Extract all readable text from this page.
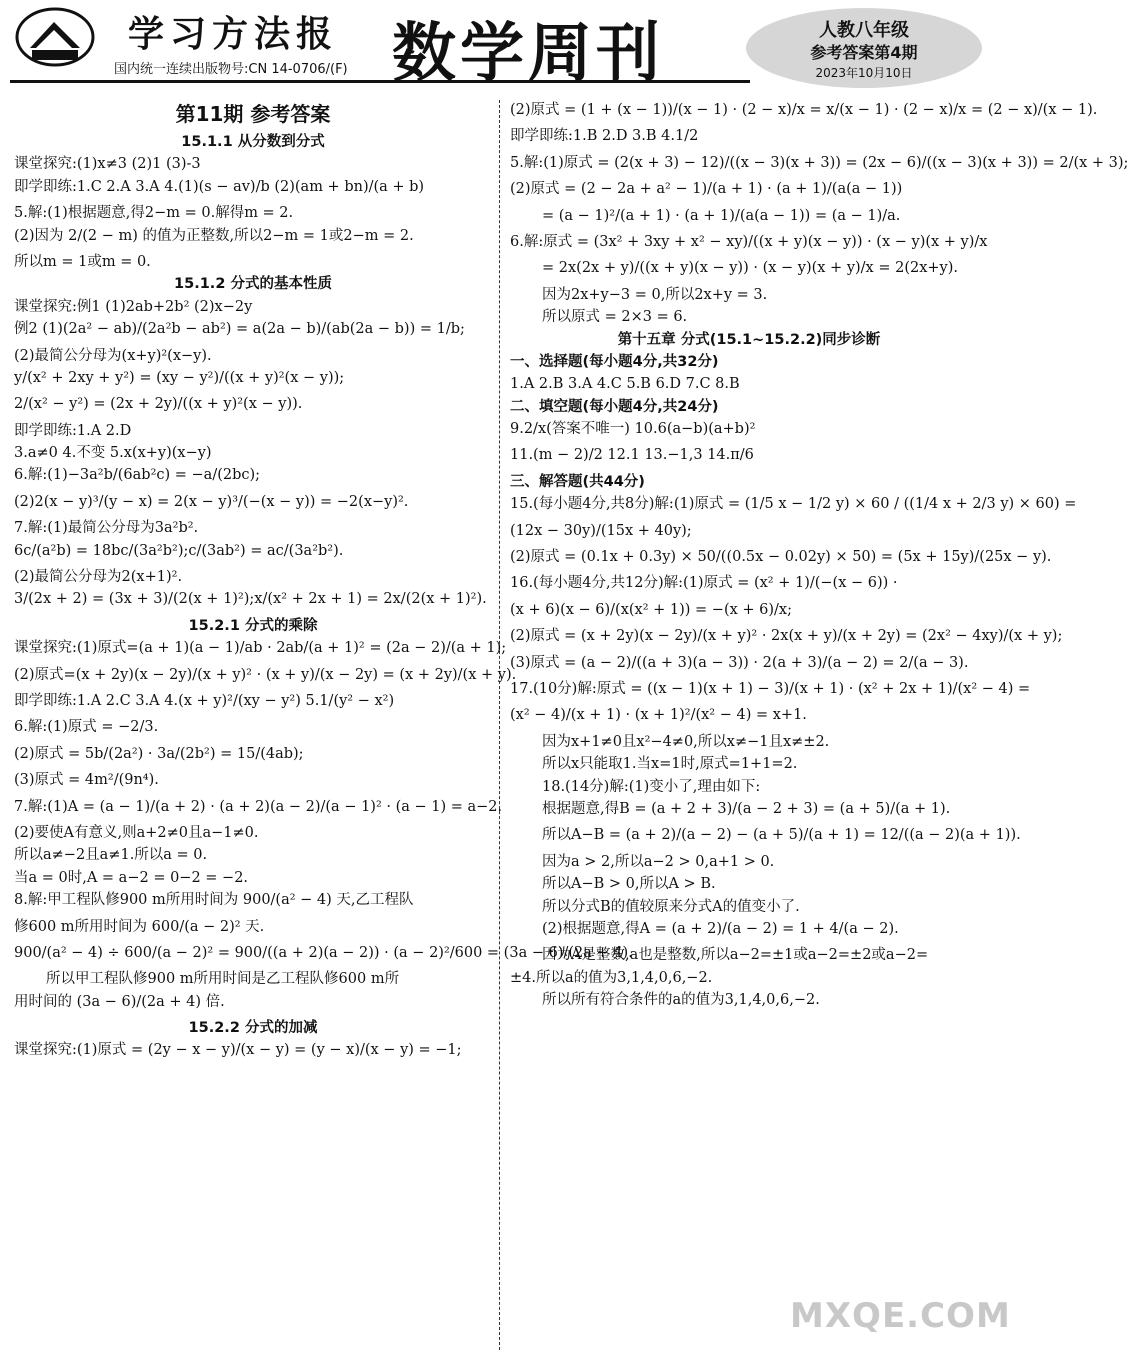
学习方法报
国内统一连续出版物号:CN 14-0706/(F) 数学周刊	人教八年级
参考答案第4期
2023年10月10日
第11期 参考答案
15.1.1 从分数到分式
课堂探究:(1)x≠3 (2)1 (3)-3
即学即练:1.C 2.A 3.A 4.(1)(s − av)/b (2)(am + bn)/(a + b)
5.解:(1)根据题意,得2−m = 0.解得m = 2.
(2)因为 2/(2 − m) 的值为正整数,所以2−m = 1或2−m = 2.
所以m = 1或m = 0.
15.1.2 分式的基本性质
课堂探究:例1 (1)2ab+2b² (2)x−2y
例2 (1)(2a² − ab)/(2a²b − ab²) = a(2a − b)/(ab(2a − b)) = 1/b;
(2)最简公分母为(x+y)²(x−y).
y/(x² + 2xy + y²) = (xy − y²)/((x + y)²(x − y));
2/(x² − y²) = (2x + 2y)/((x + y)²(x − y)).
即学即练:1.A 2.D
3.a≠0 4.不变 5.x(x+y)(x−y)
6.解:(1)−3a²b/(6ab²c) = −a/(2bc);
(2)2(x − y)³/(y − x) = 2(x − y)³/(−(x − y)) = −2(x−y)².
7.解:(1)最简公分母为3a²b².
6c/(a²b) = 18bc/(3a²b²);c/(3ab²) = ac/(3a²b²).
(2)最简公分母为2(x+1)².
3/(2x + 2) = (3x + 3)/(2(x + 1)²);x/(x² + 2x + 1) = 2x/(2(x + 1)²).
15.2.1 分式的乘除
课堂探究:(1)原式=(a + 1)(a − 1)/ab · 2ab/(a + 1)² = (2a − 2)/(a + 1);
(2)原式=(x + 2y)(x − 2y)/(x + y)² · (x + y)/(x − 2y) = (x + 2y)/(x + y).
即学即练:1.A 2.C 3.A 4.(x + y)²/(xy − y²) 5.1/(y² − x²)
6.解:(1)原式 = −2/3.
(2)原式 = 5b/(2a²) · 3a/(2b²) = 15/(4ab);
(3)原式 = 4m²/(9n⁴).
7.解:(1)A = (a − 1)/(a + 2) · (a + 2)(a − 2)/(a − 1)² · (a − 1) = a−2.
(2)要使A有意义,则a+2≠0且a−1≠0.
所以a≠−2且a≠1.所以a = 0.
当a = 0时,A = a−2 = 0−2 = −2.
8.解:甲工程队修900 m所用时间为 900/(a² − 4) 天,乙工程队
修600 m所用时间为 600/(a − 2)² 天.
900/(a² − 4) ÷ 600/(a − 2)² = 900/((a + 2)(a − 2)) · (a − 2)²/600 = (3a − 6)/(2a + 4).
所以甲工程队修900 m所用时间是乙工程队修600 m所
用时间的 (3a − 6)/(2a + 4) 倍.
15.2.2 分式的加减
课堂探究:(1)原式 = (2y − x − y)/(x − y) = (y − x)/(x − y) = −1;
(2)原式 = (1 + (x − 1))/(x − 1) · (2 − x)/x = x/(x − 1) · (2 − x)/x = (2 − x)/(x − 1).
即学即练:1.B 2.D 3.B 4.1/2
5.解:(1)原式 = (2(x + 3) − 12)/((x − 3)(x + 3)) = (2x − 6)/((x − 3)(x + 3)) = 2/(x + 3);
(2)原式 = (2 − 2a + a² − 1)/(a + 1) · (a + 1)/(a(a − 1))
= (a − 1)²/(a + 1) · (a + 1)/(a(a − 1)) = (a − 1)/a.
6.解:原式 = (3x² + 3xy + x² − xy)/((x + y)(x − y)) · (x − y)(x + y)/x
= 2x(2x + y)/((x + y)(x − y)) · (x − y)(x + y)/x = 2(2x+y).
因为2x+y−3 = 0,所以2x+y = 3.
所以原式 = 2×3 = 6.
第十五章 分式(15.1~15.2.2)同步诊断
一、选择题(每小题4分,共32分)
1.A 2.B 3.A 4.C 5.B 6.D 7.C 8.B
二、填空题(每小题4分,共24分)
9.2/x(答案不唯一) 10.6(a−b)(a+b)²
11.(m − 2)/2 12.1 13.−1,3 14.π/6
三、解答题(共44分)
15.(每小题4分,共8分)解:(1)原式 = (1/5 x − 1/2 y) × 60 / ((1/4 x + 2/3 y) × 60) =
(12x − 30y)/(15x + 40y);
(2)原式 = (0.1x + 0.3y) × 50/((0.5x − 0.02y) × 50) = (5x + 15y)/(25x − y).
16.(每小题4分,共12分)解:(1)原式 = (x² + 1)/(−(x − 6)) ·
(x + 6)(x − 6)/(x(x² + 1)) = −(x + 6)/x;
(2)原式 = (x + 2y)(x − 2y)/(x + y)² · 2x(x + y)/(x + 2y) = (2x² − 4xy)/(x + y);
(3)原式 = (a − 2)/((a + 3)(a − 3)) · 2(a + 3)/(a − 2) = 2/(a − 3).
17.(10分)解:原式 = ((x − 1)(x + 1) − 3)/(x + 1) · (x² + 2x + 1)/(x² − 4) =
(x² − 4)/(x + 1) · (x + 1)²/(x² − 4) = x+1.
因为x+1≠0且x²−4≠0,所以x≠−1且x≠±2.
所以x只能取1.当x=1时,原式=1+1=2.
18.(14分)解:(1)变小了,理由如下:
根据题意,得B = (a + 2 + 3)/(a − 2 + 3) = (a + 5)/(a + 1).
所以A−B = (a + 2)/(a − 2) − (a + 5)/(a + 1) = 12/((a − 2)(a + 1)).
因为a > 2,所以a−2 > 0,a+1 > 0.
所以A−B > 0,所以A > B.
所以分式B的值较原来分式A的值变小了.
(2)根据题意,得A = (a + 2)/(a − 2) = 1 + 4/(a − 2).
因为A是整数,a也是整数,所以a−2=±1或a−2=±2或a−2=
±4.所以a的值为3,1,4,0,6,−2.
所以所有符合条件的a的值为3,1,4,0,6,−2.
MXQE.COM
